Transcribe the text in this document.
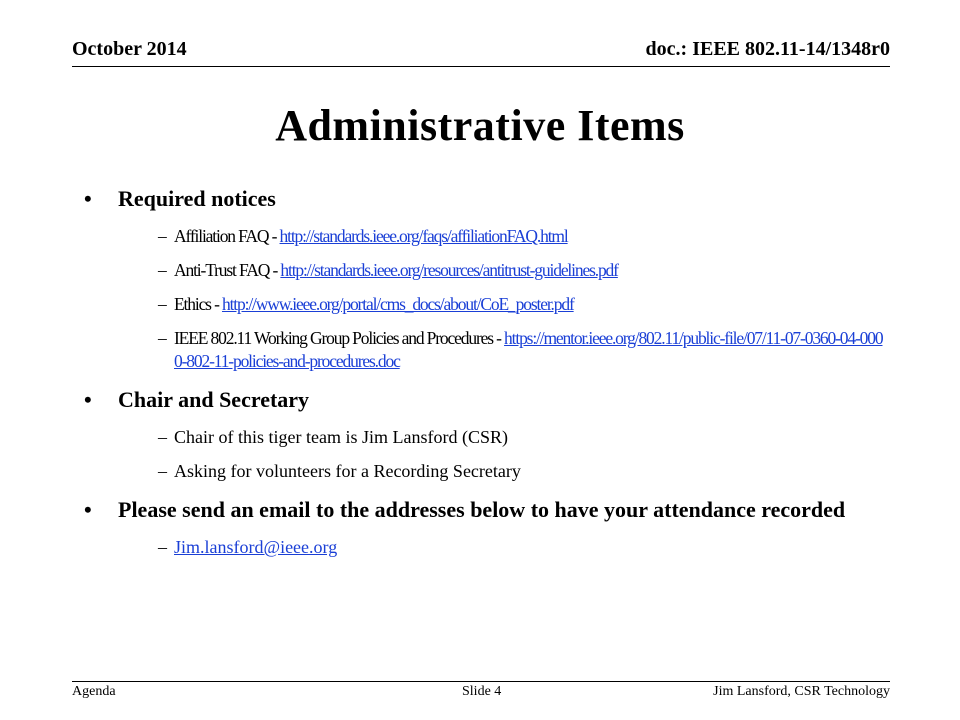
October 2014	doc.: IEEE 802.11-14/1348r0
Administrative Items
•	Required notices
– Affiliation FAQ - http://standards.ieee.org/faqs/affiliationFAQ.html
– Anti-Trust FAQ - http://standards.ieee.org/resources/antitrust-guidelines.pdf
– Ethics - http://www.ieee.org/portal/cms_docs/about/CoE_poster.pdf
– IEEE 802.11 Working Group Policies and Procedures - https://mentor.ieee.org/802.11/public-file/07/11-07-0360-04-0000-802-11-policies-and-procedures.doc
•	Chair and Secretary
– Chair of this tiger team is Jim Lansford (CSR)
– Asking for volunteers for a Recording Secretary
•	Please send an email to the addresses below to have your attendance recorded
– Jim.lansford@ieee.org
Agenda	Slide 4	Jim Lansford, CSR Technology
